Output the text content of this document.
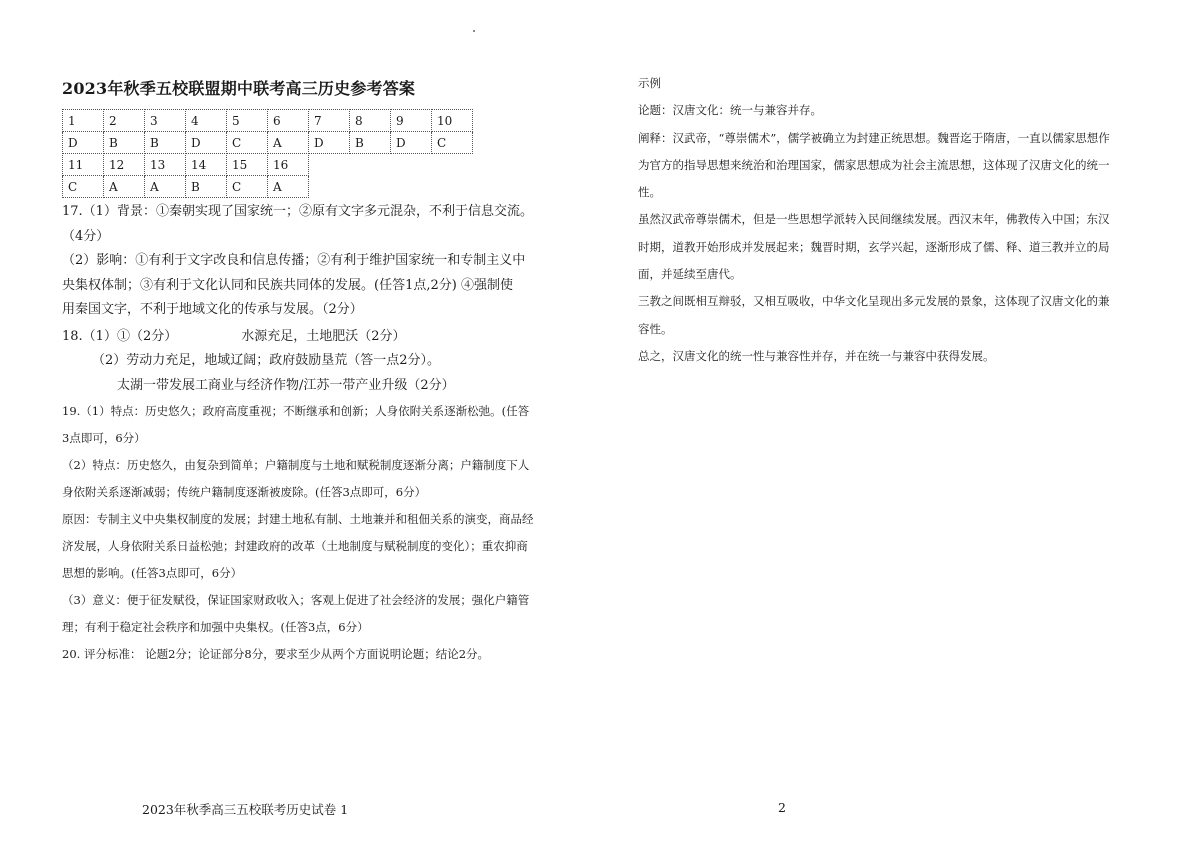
2023年秋季五校联盟期中联考高三历史参考答案
1	2	3	4	5	6	7	8	9	10
D	B	B	D	C	A	D	B	D	C
11	12	13	14	15	16
C	A	A	B	C	A

17.（1）背景：①秦朝实现了国家统一；②原有文字多元混杂，不利于信息交流。

（4分）

（2）影响：①有利于文字改良和信息传播；②有利于维护国家统一和专制主义中

央集权体制；③有利于文化认同和民族共同体的发展。(任答1点,2分) ④强制使

用秦国文字，不利于地域文化的传承与发展。（2分）

18.（1）①（2分）	水源充足，土地肥沃（2分）

（2）劳动力充足，地域辽阔；政府鼓励垦荒（答一点2分）。

太湖一带发展工商业与经济作物/江苏一带产业升级（2分）

19.（1）特点：历史悠久；政府高度重视；不断继承和创新；人身依附关系逐渐松弛。(任答

3点即可，6分）

（2）特点：历史悠久，由复杂到简单；户籍制度与土地和赋税制度逐渐分离；户籍制度下人

身依附关系逐渐减弱；传统户籍制度逐渐被废除。(任答3点即可，6分）

原因：专制主义中央集权制度的发展；封建土地私有制、土地兼并和租佃关系的演变，商品经

济发展，人身依附关系日益松弛；封建政府的改革（土地制度与赋税制度的变化）；重农抑商

思想的影响。(任答3点即可，6分）

（3）意义：便于征发赋役，保证国家财政收入；客观上促进了社会经济的发展；强化户籍管

理；有利于稳定社会秩序和加强中央集权。(任答3点，6分）

20. 评分标准： 论题2分；论证部分8分，要求至少从两个方面说明论题；结论2分。

示例

论题：汉唐文化：统一与兼容并存。

阐释：汉武帝，“尊崇儒术”，儒学被确立为封建正统思想。魏晋迄于隋唐，一直以儒家思想作

为官方的指导思想来统治和治理国家，儒家思想成为社会主流思想，这体现了汉唐文化的统一

性。

虽然汉武帝尊崇儒术，但是一些思想学派转入民间继续发展。西汉末年，佛教传入中国；东汉

时期，道教开始形成并发展起来；魏晋时期，玄学兴起，逐渐形成了儒、释、道三教并立的局

面，并延续至唐代。

三教之间既相互辩驳，又相互吸收，中华文化呈现出多元发展的景象，这体现了汉唐文化的兼

容性。

总之，汉唐文化的统一性与兼容性并存，并在统一与兼容中获得发展。

2023年秋季高三五校联考历史试卷 1	2
